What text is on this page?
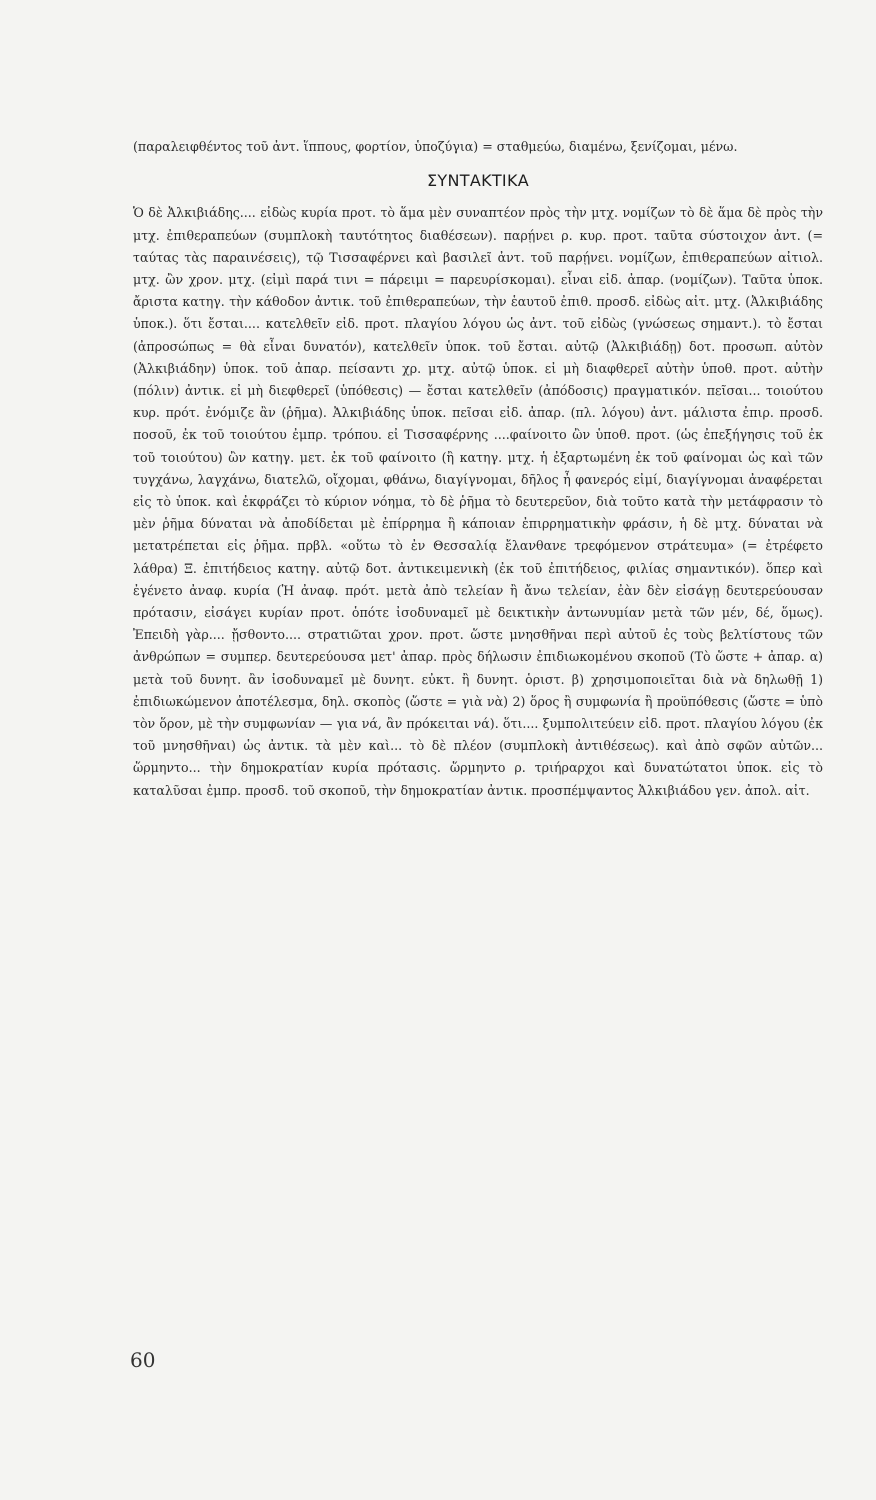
(παραλειφθέντος τοῦ ἀντ. ἵππους, φορτίον, ὑποζύγια) = σταθμεύω, διαμένω, ξενίζομαι, μένω.

ΣΥΝΤΑΚΤΙΚΑ

Ὁ δὲ Ἀλκιβιάδης.... εἰδὼς κυρία προτ. τὸ ἅμα μὲν συναπτέον πρὸς τὴν μτχ. νομίζων τὸ δὲ ἅμα δὲ πρὸς τὴν μτχ. ἐπιθεραπεύων (συμπλοκὴ ταυτότητος διαθέσεων). παρῄνει ρ. κυρ. προτ. ταῦτα σύστοιχον ἀντ. (= ταύτας τὰς παραινέσεις), τῷ Τισσαφέρνει καὶ βασιλεῖ ἀντ. τοῦ παρῄνει. νομίζων, ἐπιθεραπεύων αἰτιολ. μτχ. ὢν χρον. μτχ. (εἰμὶ παρά τινι = πάρειμι = παρευρίσκομαι). εἶναι εἰδ. ἀπαρ. (νομίζων). Ταῦτα ὑποκ. ἄριστα κατηγ. τὴν κάθοδον ἀντικ. τοῦ ἐπιθεραπεύων, τὴν ἑαυτοῦ ἐπιθ. προσδ. εἰδὼς αἰτ. μτχ. (Ἀλκιβιάδης ὑποκ.). ὅτι ἔσται.... κατελθεῖν εἰδ. προτ. πλαγίου λόγου ὡς ἀντ. τοῦ εἰδὼς (γνώσεως σημαντ.). τὸ ἔσται (ἀπροσώπως = θὰ εἶναι δυνατόν), κατελθεῖν ὑποκ. τοῦ ἔσται. αὐτῷ (Ἀλκιβιάδῃ) δοτ. προσωπ. αὐτὸν (Ἀλκιβιάδην) ὑποκ. τοῦ ἀπαρ. πείσαντι χρ. μτχ. αὐτῷ ὑποκ. εἰ μὴ διαφθερεῖ αὐτὴν ὑποθ. προτ. αὐτὴν (πόλιν) ἀντικ. εἰ μὴ διεφθερεῖ (ὑπόθεσις) — ἔσται κατελθεῖν (ἀπόδοσις) πραγματικόν. πεῖσαι... τοιούτου κυρ. πρότ. ἐνόμιζε ἂν (ῥῆμα). Ἀλκιβιάδης ὑποκ. πεῖσαι εἰδ. ἀπαρ. (πλ. λόγου) ἀντ. μάλιστα ἐπιρ. προσδ. ποσοῦ, ἐκ τοῦ τοιούτου ἐμπρ. τρόπου. εἰ Τισσαφέρνης ....φαίνοιτο ὢν ὑποθ. προτ. (ὡς ἐπεξήγησις τοῦ ἐκ τοῦ τοιούτου) ὢν κατηγ. μετ. ἐκ τοῦ φαίνοιτο (ἢ κατηγ. μτχ. ἡ ἐξαρτωμένη ἐκ τοῦ φαίνομαι ὡς καὶ τῶν τυγχάνω, λαγχάνω, διατελῶ, οἴχομαι, φθάνω, διαγίγνομαι, δῆλος ἦ φανερός εἰμί, διαγίγνομαι ἀναφέρεται εἰς τὸ ὑποκ. καὶ ἐκφράζει τὸ κύριον νόημα, τὸ δὲ ῥῆμα τὸ δευτερεῦον, διὰ τοῦτο κατὰ τὴν μετάφρασιν τὸ μὲν ῥῆμα δύναται νὰ ἀποδίδεται μὲ ἐπίρρημα ἢ κάποιαν ἐπιρρηματικὴν φράσιν, ἡ δὲ μτχ. δύναται νὰ μετατρέπεται εἰς ῥῆμα. πρβλ. «οὕτω τὸ ἐν Θεσσαλίᾳ ἔλανθανε τρεφόμενον στράτευμα» (= ἐτρέφετο λάθρα) Ξ. ἐπιτήδειος κατηγ. αὐτῷ δοτ. ἀντικειμενικὴ (ἐκ τοῦ ἐπιτήδειος, φιλίας σημαντικόν). ὅπερ καὶ ἐγένετο ἀναφ. κυρία (Ἡ ἀναφ. πρότ. μετὰ ἀπὸ τελείαν ἢ ἄνω τελείαν, ἐὰν δὲν εἰσάγῃ δευτερεύουσαν πρότασιν, εἰσάγει κυρίαν προτ. ὁπότε ἰσοδυναμεῖ μὲ δεικτικὴν ἀντωνυμίαν μετὰ τῶν μέν, δέ, ὅμως). Ἐπειδὴ γὰρ.... ᾔσθοντο.... στρατιῶται χρον. προτ. ὥστε μνησθῆναι περὶ αὐτοῦ ἐς τοὺς βελτίστους τῶν ἀνθρώπων = συμπερ. δευτερεύουσα μετ' ἀπαρ. πρὸς δήλωσιν ἐπιδιωκομένου σκοποῦ (Τὸ ὥστε + ἀπαρ. α) μετὰ τοῦ δυνητ. ἂν ἰσοδυναμεῖ μὲ δυνητ. εὐκτ. ἢ δυνητ. ὁριστ. β) χρησιμοποιεῖται διὰ νὰ δηλωθῇ 1) ἐπιδιωκώμενον ἀποτέλεσμα, δηλ. σκοπὸς (ὥστε = γιὰ νὰ) 2) ὅρος ἢ συμφωνία ἢ προϋπόθεσις (ὥστε = ὑπὸ τὸν ὅρον, μὲ τὴν συμφωνίαν — για νά, ἂν πρόκειται νά). ὅτι.... ξυμπολιτεύειν εἰδ. προτ. πλαγίου λόγου (ἐκ τοῦ μνησθῆναι) ὡς ἀντικ. τὰ μὲν καὶ... τὸ δὲ πλέον (συμπλοκὴ ἀντιθέσεως). καὶ ἀπὸ σφῶν αὐτῶν... ὥρμηντο... τὴν δημοκρατίαν κυρία πρότασις. ὥρμηντο ρ. τριήραρχοι καὶ δυνατώτατοι ὑποκ. εἰς τὸ καταλῦσαι ἐμπρ. προσδ. τοῦ σκοποῦ, τὴν δημοκρατίαν ἀντικ. προσπέμψαντος Ἀλκιβιάδου γεν. ἀπολ. αἰτ.

60
